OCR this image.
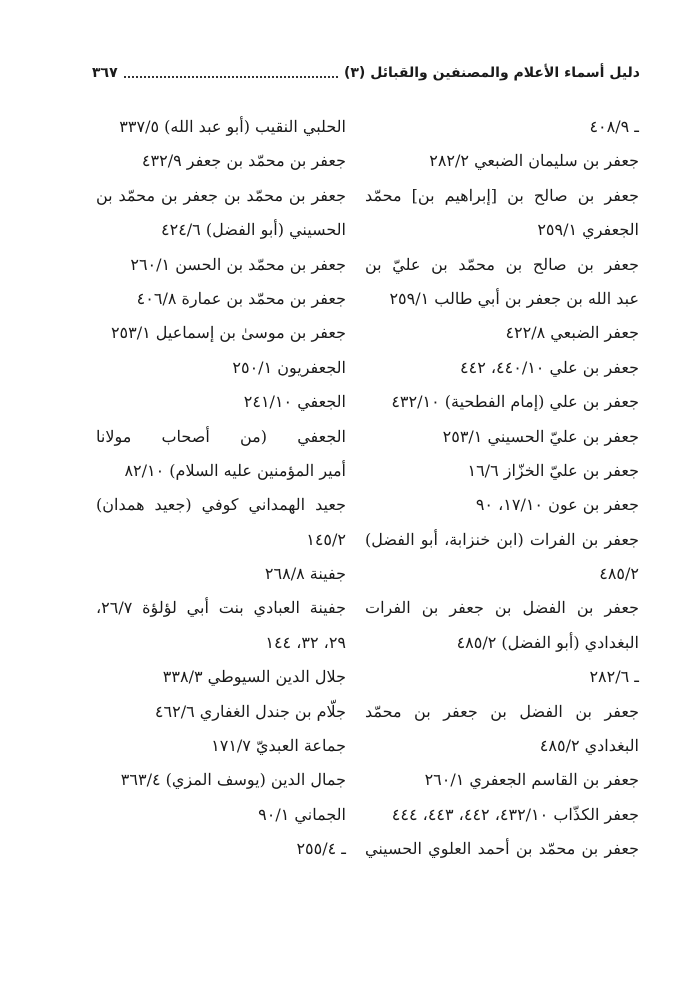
دليل أسماء الأعلام والمصنفين والقبائل (٣)
٣٦٧
ـ ٤٠٨/٩
جعفر بن سليمان الضبعي ٢٨٢/٢
جعفر بن صالح بن [إبراهيم بن] محمّد
الجعفري ٢٥٩/١
جعفر بن صالح بن محمّد بن عليّ بن
عبد الله بن جعفر بن أبي طالب ٢٥٩/١
جعفر الضبعي ٤٢٢/٨
جعفر بن علي ٤٤٠/١٠، ٤٤٢
جعفر بن علي (إمام الفطحية) ٤٣٢/١٠
جعفر بن عليّ الحسيني ٢٥٣/١
جعفر بن عليّ الخزّاز ١٦/٦
جعفر بن عون ١٧/١٠، ٩٠
جعفر بن الفرات (ابن خنزابة، أبو الفضل)
٤٨٥/٢
جعفر بن الفضل بن جعفر بن الفرات
البغدادي (أبو الفضل) ٤٨٥/٢
ـ ٢٨٢/٦
جعفر بن الفضل بن جعفر بن محمّد
البغدادي ٤٨٥/٢
جعفر بن القاسم الجعفري ٢٦٠/١
جعفر الكذّاب ٤٣٢/١٠، ٤٤٢، ٤٤٣، ٤٤٤
جعفر بن محمّد بن أحمد العلوي الحسيني
الحلبي النقيب (أبو عبد الله) ٣٣٧/٥
جعفر بن محمّد بن جعفر ٤٣٢/٩
جعفر بن محمّد بن جعفر بن محمّد بن
الحسيني (أبو الفضل) ٤٢٤/٦
جعفر بن محمّد بن الحسن ٢٦٠/١
جعفر بن محمّد بن عمارة ٤٠٦/٨
جعفر بن موسىٰ بن إسماعيل ٢٥٣/١
الجعفريون ٢٥٠/١
الجعفي ٢٤١/١٠
الجعفي (من أصحاب مولانا
أمير المؤمنين عليه السلام) ٨٢/١٠
جعيد الهمداني كوفي (جعيد همدان)
١٤٥/٢
جفينة ٢٦٨/٨
جفينة العبادي بنت أبي لؤلؤة ٢٦/٧،
٢٩، ٣٢، ١٤٤
جلال الدين السيوطي ٣٣٨/٣
جلّام بن جندل الغفاري ٤٦٢/٦
جماعة العبديّ ١٧١/٧
جمال الدين (يوسف المزي) ٣٦٣/٤
الجماني ٩٠/١
ـ ٢٥٥/٤
